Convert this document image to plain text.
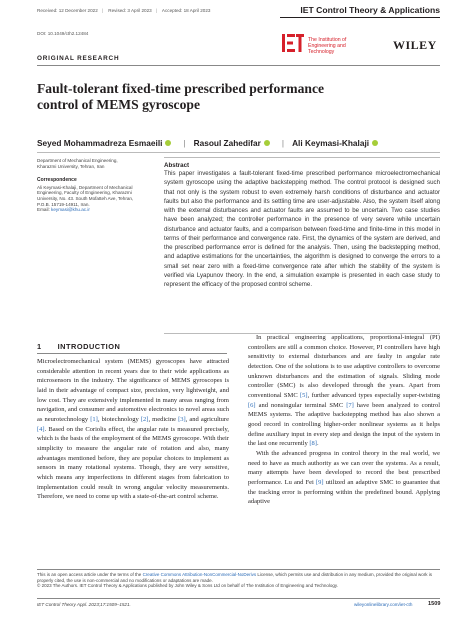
Received: 12 December 2022 | Revised: 3 April 2023 | Accepted: 18 April 2023	IET Control Theory & Applications
DOI: 10.1049/cth2.12484
The Institution of
Engineering and Technology	WILEY
ORIGINAL RESEARCH
Fault-tolerant fixed-time prescribed performance control of MEMS gyroscope
Seyed Mohammadreza Esmaeili	| Rasoul Zahedifar	| Ali Keymasi-Khalaji
Department of Mechanical Engineering, Kharazmi University, Tehran, Iran
Correspondence
Ali Keymasi-Khalaji, Department of Mechanical Engineering, Faculty of Engineering, Kharazmi University, No. 43. South Mofatteh Ave, Tehran, P.O.B. 15719-14911, Iran.
Email: keymasi@khu.ac.ir
Abstract

This paper investigates a fault-tolerant fixed-time prescribed performance microelectromechanical system gyroscope using the adaptive backstepping method. The control protocol is designed such that not only is the system robust to even extremely harsh conditions of disturbance and actuator faults but also the performance and its settling time are user-adjustable. Also, the system itself along with the external disturbances and actuator faults are assumed to be uncertain. Two case studies have been analyzed; the controller performance in the presence of very severe while uncertain disturbance and actuator faults, and a comparison between fixed-time and finite-time in this model in terms of their performance and convergence rate. First, the dynamics of the system are derived, and the prescribed performance error is defined for the analysis. Then, using the backstepping method, and adaptive estimations for the uncertainties, the algorithm is designed to converge the errors to a small set near zero with a fixed-time convergence rate after which the stability of the system is verified via Lyapunov theory. In the end, a simulation example is presented in each case study to represent the efficacy of the proposed control scheme.

1 INTRODUCTION

Microelectromechanical system (MEMS) gyroscopes have attracted considerable attention in recent years due to their wide applications as microsensors in the industry. The significance of MEMS gyroscopes is laid in their advantage of compact size, precision, very lightweight, and low cost. They are extensively implemented in many areas ranging from navigation, and consumer and automotive electronics to novel areas such as neurotechnology [1], biotechnology [2], medicine [3], and agriculture [4]. Based on the Coriolis effect, the angular rate is measured precisely, which is the basis of the employment of the MEMS gyroscope. With their simplicity to measure the angular rate of rotation and also, many advantages mentioned before, they are popular choices to implement as sensors in many rotational systems. Though, they are very sensitive, which means any imperfections in different stages from fabrication to implementation could result in wrong angular velocity measurements. Therefore, we need to come up with a state-of-the-art control scheme.

In practical engineering applications, proportional-integral (PI) controllers are still a common choice. However, PI controllers have high sensitivity to external disturbances and are faulty in angular rate detection. One of the solutions is to use adaptive controllers to overcome unknown disturbances and the estimation of signals. Sliding mode controller (SMC) is also developed through the years. Apart from conventional SMC [5], further advanced types especially super-twisting [6] and nonsingular terminal SMC [7] have been analyzed to control MEMS systems. The adaptive backstepping method has also shown a good record in controlling higher-order nonlinear systems as it helps define auxiliary input in every step and design the input of the system in the last one recurrently [8].

With the advanced progress in control theory in the real world, we need to have as much authority as we can over the systems. As a result, many attempts have been developed to record the best prescribed performance. Lu and Fei [9] utilized an adaptive SMC to guarantee that the tracking error is performing within the predefined bound. Applying adaptive
This is an open access article under the terms of the Creative Commons Attribution-NonCommercial-NoDerivs License, which permits use and distribution in any medium, provided the original work is properly cited, the use is non-commercial and no modifications or adaptations are made.
© 2023 The Authors. IET Control Theory & Applications published by John Wiley & Sons Ltd on behalf of The Institution of Engineering and Technology.
IET Control Theory Appl. 2023;17:1509–1521.	wileyonlinelibrary.com/iet-cth	1509
